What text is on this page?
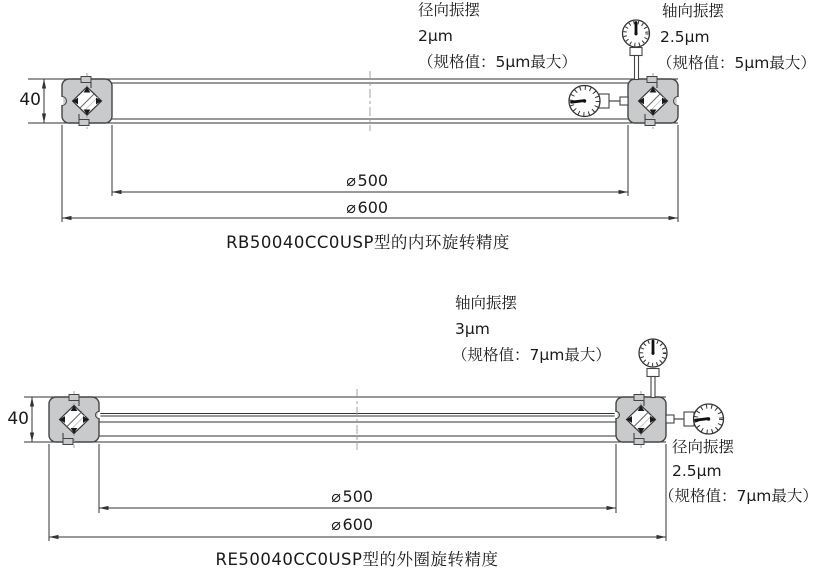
径向振摆
2μm
（规格值：5μm最大）
轴向振摆
2.5μm
（规格值：5μm最大）
40
⌀ 500
⌀ 600
RB50040CC0USP型的内环旋转精度
轴向振摆
3μm
（规格值：7μm最大）
径向振摆
2.5μm
（规格值：7μm最大）
40
⌀ 500
⌀ 600
RE50040CC0USP型的外圈旋转精度
